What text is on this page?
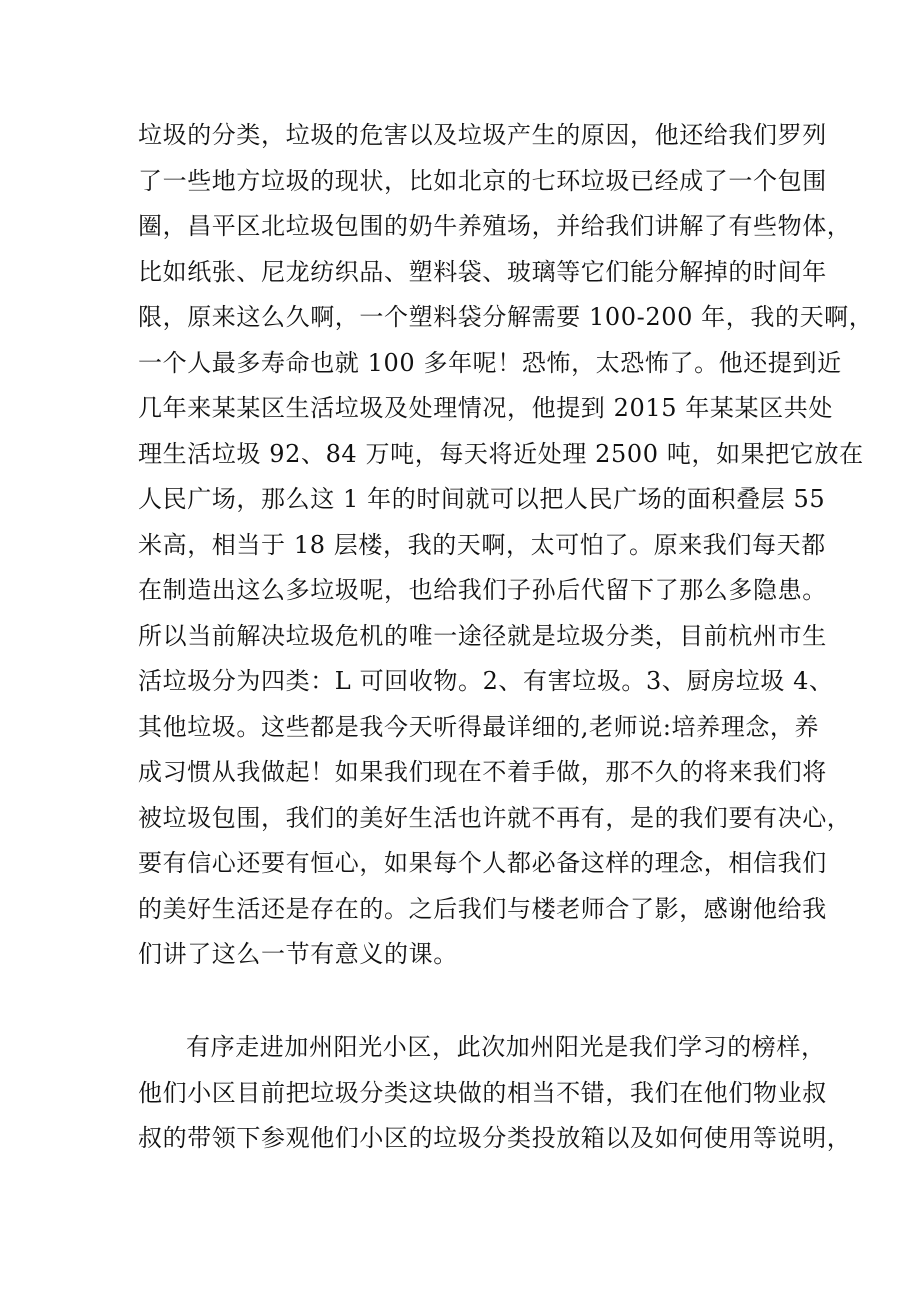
垃圾的分类，垃圾的危害以及垃圾产生的原因，他还给我们罗列
了一些地方垃圾的现状，比如北京的七环垃圾已经成了一个包围
圈，昌平区北垃圾包围的奶牛养殖场，并给我们讲解了有些物体，
比如纸张、尼龙纺织品、塑料袋、玻璃等它们能分解掉的时间年
限，原来这么久啊，一个塑料袋分解需要 100-200 年，我的天啊，
一个人最多寿命也就 100 多年呢！恐怖，太恐怖了。他还提到近
几年来某某区生活垃圾及处理情况，他提到 2015 年某某区共处
理生活垃圾 92、84 万吨，每天将近处理 2500 吨，如果把它放在
人民广场，那么这 1 年的时间就可以把人民广场的面积叠层 55
米高，相当于 18 层楼，我的天啊，太可怕了。原来我们每天都
在制造出这么多垃圾呢，也给我们子孙后代留下了那么多隐患。
所以当前解决垃圾危机的唯一途径就是垃圾分类，目前杭州市生
活垃圾分为四类：L 可回收物。2、有害垃圾。3、厨房垃圾 4、
其他垃圾。这些都是我今天听得最详细的,老师说:培养理念，养
成习惯从我做起！如果我们现在不着手做，那不久的将来我们将
被垃圾包围，我们的美好生活也许就不再有，是的我们要有决心，
要有信心还要有恒心，如果每个人都必备这样的理念，相信我们
的美好生活还是存在的。之后我们与楼老师合了影，感谢他给我
们讲了这么一节有意义的课。
有序走进加州阳光小区，此次加州阳光是我们学习的榜样，
他们小区目前把垃圾分类这块做的相当不错，我们在他们物业叔
叔的带领下参观他们小区的垃圾分类投放箱以及如何使用等说明，
